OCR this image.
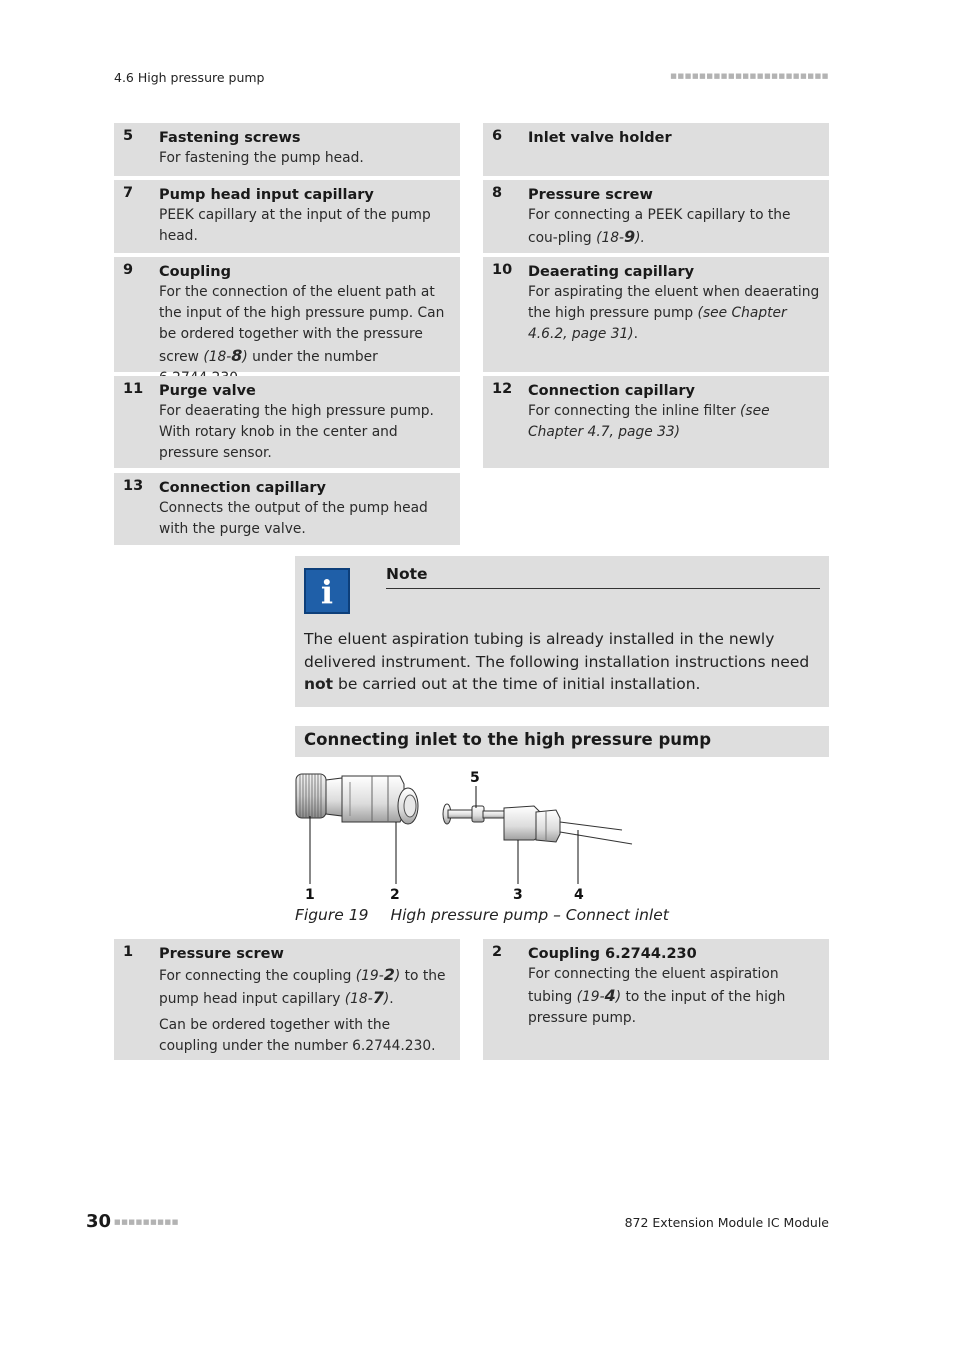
4.6 High pressure pump	■■■■■■■■■■■■■■■■■■■■■■
5 Fastening screws
For fastening the pump head.
6 Inlet valve holder
7 Pump head input capillary
PEEK capillary at the input of the pump head.
8 Pressure screw
For connecting a PEEK capillary to the cou-pling (18-9).
9 Coupling
For the connection of the eluent path at the input of the high pressure pump. Can be ordered together with the pressure screw (18-8) under the number
10 Deaerating capillary
For aspirating the eluent when deaerating the high pressure pump (see Chapter 4.6.2, page 31).
11 Purge valve
For deaerating the high pressure pump. With rotary knob in the center and pressure sensor.
12 Connection capillary
For connecting the inline filter (see Chapter 4.7, page 33)
13 Connection capillary
Connects the output of the pump head with the purge valve.
i	Note
The eluent aspiration tubing is already installed in the newly delivered instrument. The following installation instructions need not be carried out at the time of initial installation.
Connecting inlet to the high pressure pump
1	2	3	4
5
Figure 19 High pressure pump – Connect inlet
1 Pressure screw
For connecting the coupling (19-2) to the pump head input capillary (18-7).
Can be ordered together with the coupling under the number 6.2744.230.
2 Coupling 6.2744.230
For connecting the eluent aspiration tubing (19-4) to the input of the high pressure pump.
30 ■■■■■■■■■	872 Extension Module IC Module
